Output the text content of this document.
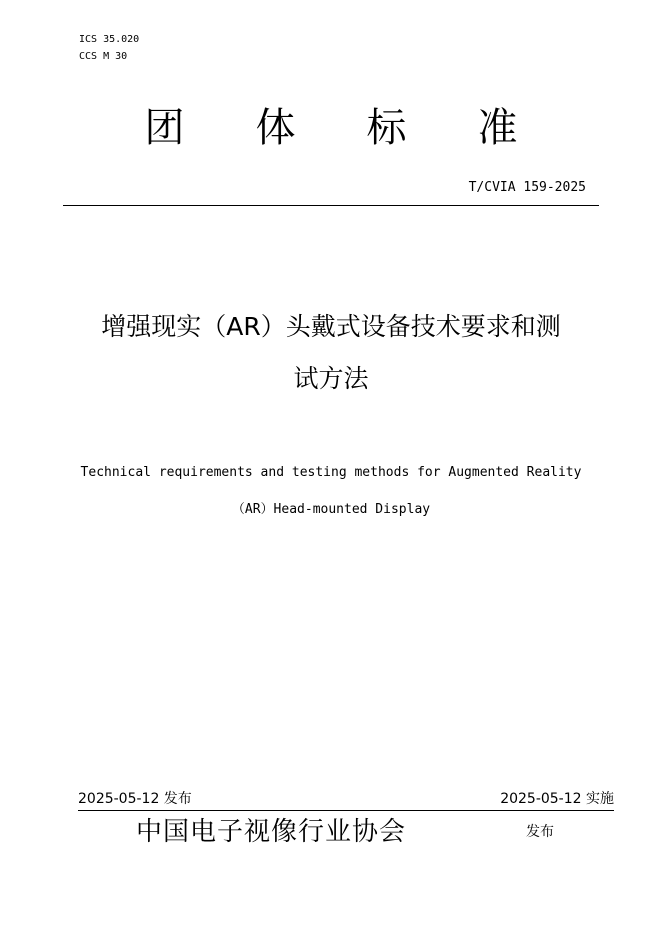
ICS 35.020
CCS M 30
团	体	标	准
T/CVIA 159-2025
增强现实（AR）头戴式设备技术要求和测
试方法
Technical requirements and testing methods for Augmented Reality
（AR）Head-mounted Display
2025-05-12 发布	2025-05-12 实施
中国电子视像行业协会	发布
